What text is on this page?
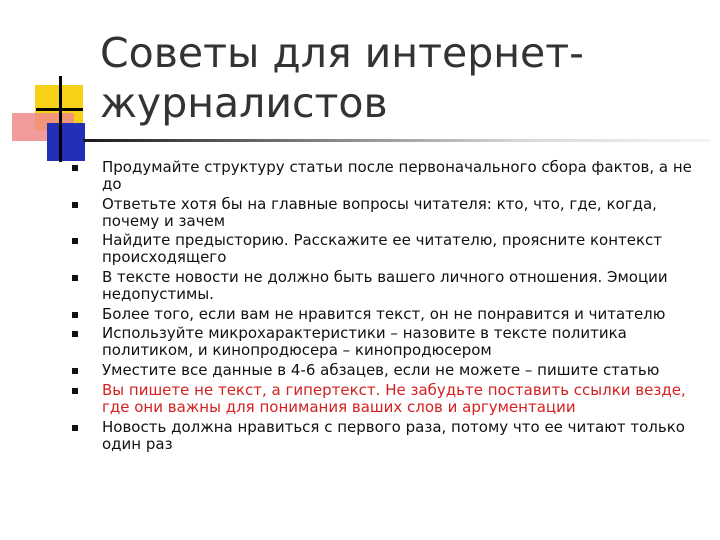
Советы для интернет-
журналистов
Продумайте структуру статьи после первоначального сбора фактов, а не до
Ответьте хотя бы на главные вопросы читателя: кто, что, где, когда, почему и зачем
Найдите предысторию. Расскажите ее читателю, проясните контекст происходящего
В тексте новости не должно быть вашего личного отношения. Эмоции недопустимы.
Более того, если вам не нравится текст, он не понравится и читателю
Используйте микрохарактеристики – назовите в тексте политика политиком, и кинопродюсера – кинопродюсером
Уместите все данные в 4-6 абзацев, если не можете – пишите статью
Вы пишете не текст, а гипертекст. Не забудьте поставить ссылки везде, где они важны для понимания ваших слов и аргументации
Новость должна нравиться с первого раза, потому что ее читают только один раз
